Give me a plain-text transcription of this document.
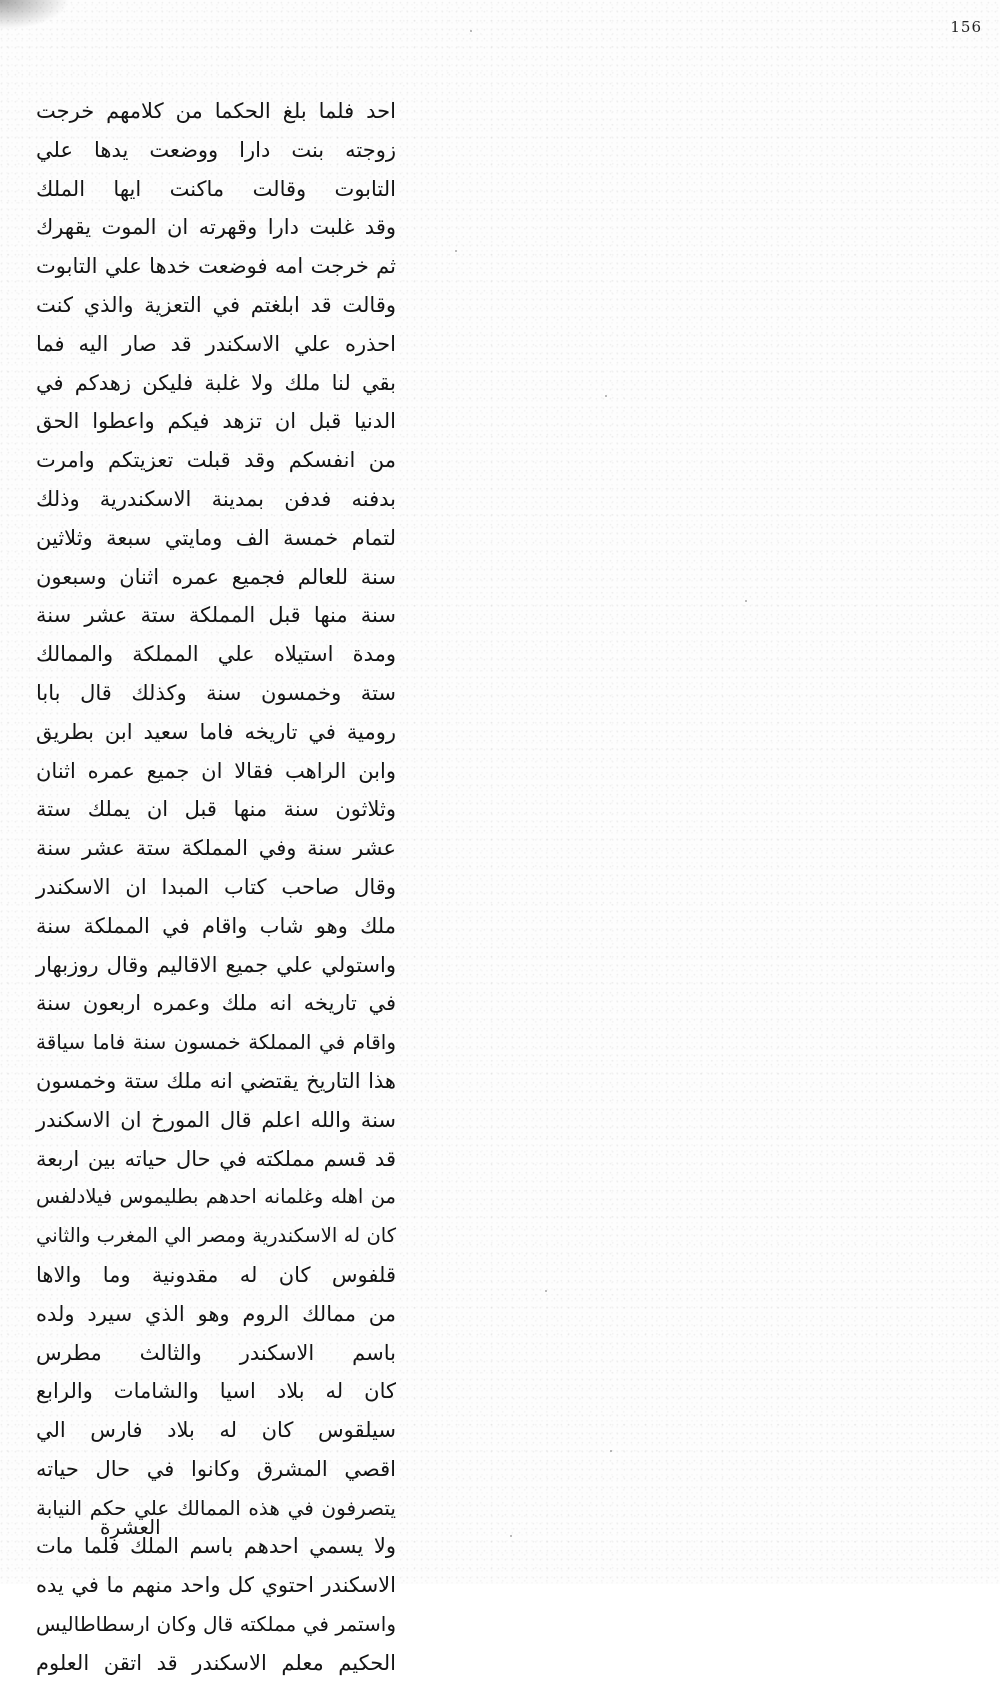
156
احد فلما بلغ الحكما من كلامهم خرجت
زوجته بنت دارا ووضعت يدها علي
التابوت وقالت ماكنت ايها الملك
وقد غلبت دارا وقهرته ان الموت يقهرك
ثم خرجت امه فوضعت خدها علي التابوت
وقالت قد ابلغتم في التعزية والذي كنت
احذره علي الاسكندر قد صار اليه فما
بقي لنا ملك ولا غلبة فليكن زهدكم في
الدنيا قبل ان تزهد فيكم واعطوا الحق
من انفسكم وقد قبلت تعزيتكم وامرت
بدفنه فدفن بمدينة الاسكندرية وذلك
لتمام خمسة الف ومايتي سبعة وثلاثين
سنة للعالم فجميع عمره اثنان وسبعون
سنة منها قبل المملكة ستة عشر سنة
ومدة استيلاه علي المملكة والممالك
ستة وخمسون سنة وكذلك قال بابا
رومية في تاريخه فاما سعيد ابن بطريق
وابن الراهب فقالا ان جميع عمره اثنان
وثلاثون سنة منها قبل ان يملك ستة
عشر سنة وفي المملكة ستة عشر سنة
وقال صاحب كتاب المبدا ان الاسكندر
ملك وهو شاب واقام في المملكة سنة
واستولي علي جميع الاقاليم وقال روزبهار
في تاريخه انه ملك وعمره اربعون سنة
واقام في المملكة خمسون سنة فاما سياقة
هذا التاريخ يقتضي انه ملك ستة وخمسون
سنة والله اعلم قال المورخ ان الاسكندر
قد قسم مملكته في حال حياته بين اربعة
من اهله وغلمانه احدهم بطليموس فيلادلفس
كان له الاسكندرية ومصر الي المغرب والثاني
قلفوس كان له مقدونية وما والاها
من ممالك الروم وهو الذي سيرد ولده
باسم الاسكندر والثالث مطرس
كان له بلاد اسيا والشامات والرابع
سيلقوس كان له بلاد فارس الي
اقصي المشرق وكانوا في حال حياته
يتصرفون في هذه الممالك علي حكم النيابة
ولا يسمي احدهم باسم الملك فلما مات
الاسكندر احتوي كل واحد منهم ما في يده
واستمر في مملكته قال وكان ارسطاطاليس
الحكيم معلم الاسكندر قد اتقن العلوم
العشرة
